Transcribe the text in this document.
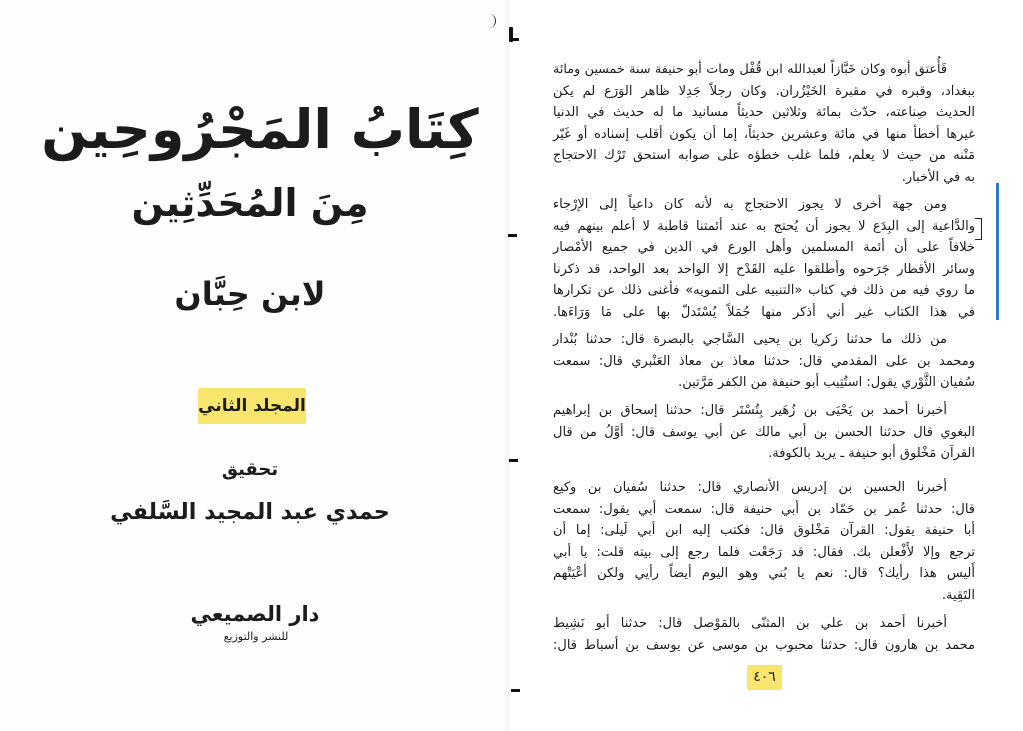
كِتَابُ المَجْرُوحِين
مِنَ المُحَدِّثِين
لابن حِبَّان
المجلد الثاني
تحقيق
حمدي عبد المجيد السَّلفي
دار الصميعي
للنشر والتوزيع
فَأُعتق أبوه وكان خَبَّازاً لعبدالله ابن قُفْل ومات أبو حنيفة سنة خمسين ومائة
ببغداد، وقبره في مقبرة الخَيْزُران. وكان رجلاً جَدِلا ظاهر الوَرَع لم يكن
الحديث صِناعته، حدّث بمائة وثلاثين حديثاً مسانيد ما له حديث في الدنيا
غيرها أخطأ منها في مائة وعشرين حديثاً، إما أن يكون أقلب إسناده أو غَيّر
مَتْنه من حيث لا يعلم، فلما غلب خطؤه على صوابه استحق تَرْك الاحتجاج
به في الأخبار.
ومن جهة أخرى لا يجوز الاحتجاج به لأنه كان داعياً إلى الإرْجاء
والدَّاعية إلى البِدَع لا يجوز أن يُحتج به عند أئمتنا قاطبة لا أعلم بينهم فيه
خلافاً على أن أئمة المسلمين وأهل الورع في الدين في جميع الأمْصار
وسائر الأقطار جَرَحوه وأطلقوا عليه القَدْح إلا الواحد بعد الواحد، قد ذكرنا
ما روي فيه من ذلك في كتاب «التنبيه على التمويه» فأغنى ذلك عن تكرارها
في هذا الكتاب غير أني أذكر منها جُمَلاً يُسْتَدلّ بها على مَا وَرَاءَها.
من ذلك ما حدثنا زكريا بن يحيى السَّاجي بالبصرة قال: حدثنا بُنْدار
ومحمد بن على المقدمي قال: حدثنا معاذ بن معاذ العَنْبري قال: سمعت
سُفيان الثَّوْري يقول: استُتِيب أبو حنيفة من الكفر مَرَّتين.
أخبرنا أحمد بن يَحْيَى بن زُهَير بِتُسْتَر قال: حدثنا إسحاق بن إبراهيم
البغوي قال حدثنا الحسن بن أبي مالك عن أبي يوسف قال: أوَّلُ من قال
القرآن مَخْلوق أبو حنيفة ـ يريد بالكوفة.
أخبرنا الحسين بن إدريس الأنصاري قال: حدثنا سُفيان بن وكيع
قال: حدثنا عُمر بن حَمّاد بن أبي حنيفة قال: سمعت أبي يقول: سمعت
أبا حنيفة يقول: القرآن مَخْلوق قال: فكتب إليه ابن أبي لَيلى: إما أن
ترجع وإلا لأَفْعلن بك. فقال: قد رَجَعْت فلما رجع إلى بيته قلت: يا أبي
أَليس هذا رأيك؟ قال: نعم يا بُني وهو اليوم أيضاً رأيي ولكن أعْيَتْهم
التَقِية.
أخبرنا أحمد بن علي بن المثنّى بالمَوْصل قال: حدثنا أبو نَشِيط
محمد بن هارون قال: حدثنا محبوب بن موسى عن يوسف بن أسباط قال:
٤٠٦
